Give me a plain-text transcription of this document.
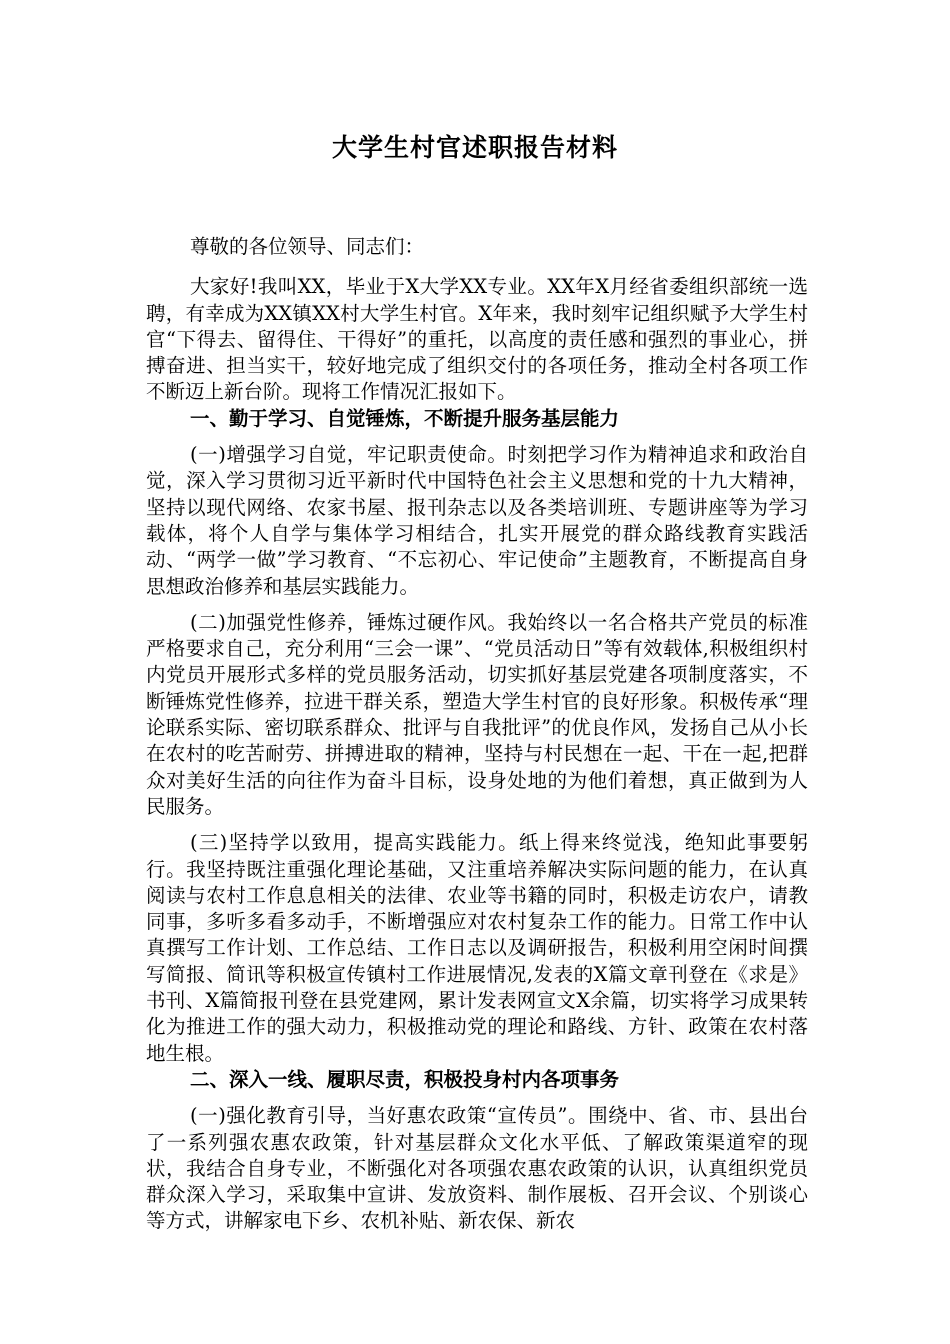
大学生村官述职报告材料

尊敬的各位领导、同志们：

大家好!我叫XX，毕业于X大学XX专业。XX年X月经省委组织部统一选聘，有幸成为XX镇XX村大学生村官。X年来，我时刻牢记组织赋予大学生村官“下得去、留得住、干得好”的重托，以高度的责任感和强烈的事业心，拼搏奋进、担当实干，较好地完成了组织交付的各项任务，推动全村各项工作不断迈上新台阶。现将工作情况汇报如下。

一、勤于学习、自觉锤炼，不断提升服务基层能力

(一)增强学习自觉，牢记职责使命。时刻把学习作为精神追求和政治自觉，深入学习贯彻习近平新时代中国特色社会主义思想和党的十九大精神，坚持以现代网络、农家书屋、报刊杂志以及各类培训班、专题讲座等为学习载体，将个人自学与集体学习相结合，扎实开展党的群众路线教育实践活动、“两学一做”学习教育、“不忘初心、牢记使命”主题教育，不断提高自身思想政治修养和基层实践能力。

(二)加强党性修养，锤炼过硬作风。我始终以一名合格共产党员的标准严格要求自己，充分利用“三会一课”、“党员活动日”等有效载体,积极组织村内党员开展形式多样的党员服务活动，切实抓好基层党建各项制度落实，不断锤炼党性修养，拉进干群关系，塑造大学生村官的良好形象。积极传承“理论联系实际、密切联系群众、批评与自我批评”的优良作风，发扬自己从小长在农村的吃苦耐劳、拼搏进取的精神，坚持与村民想在一起、干在一起,把群众对美好生活的向往作为奋斗目标，设身处地的为他们着想，真正做到为人民服务。

(三)坚持学以致用，提高实践能力。纸上得来终觉浅，绝知此事要躬行。我坚持既注重强化理论基础，又注重培养解决实际问题的能力，在认真阅读与农村工作息息相关的法律、农业等书籍的同时，积极走访农户，请教同事，多听多看多动手，不断增强应对农村复杂工作的能力。日常工作中认真撰写工作计划、工作总结、工作日志以及调研报告，积极利用空闲时间撰写简报、简讯等积极宣传镇村工作进展情况,发表的X篇文章刊登在《求是》书刊、X篇简报刊登在县党建网，累计发表网宣文X余篇，切实将学习成果转化为推进工作的强大动力，积极推动党的理论和路线、方针、政策在农村落地生根。

二、深入一线、履职尽责，积极投身村内各项事务

(一)强化教育引导，当好惠农政策“宣传员”。围绕中、省、市、县出台了一系列强农惠农政策，针对基层群众文化水平低、了解政策渠道窄的现状，我结合自身专业，不断强化对各项强农惠农政策的认识，认真组织党员群众深入学习，采取集中宣讲、发放资料、制作展板、召开会议、个别谈心等方式，讲解家电下乡、农机补贴、新农保、新农
